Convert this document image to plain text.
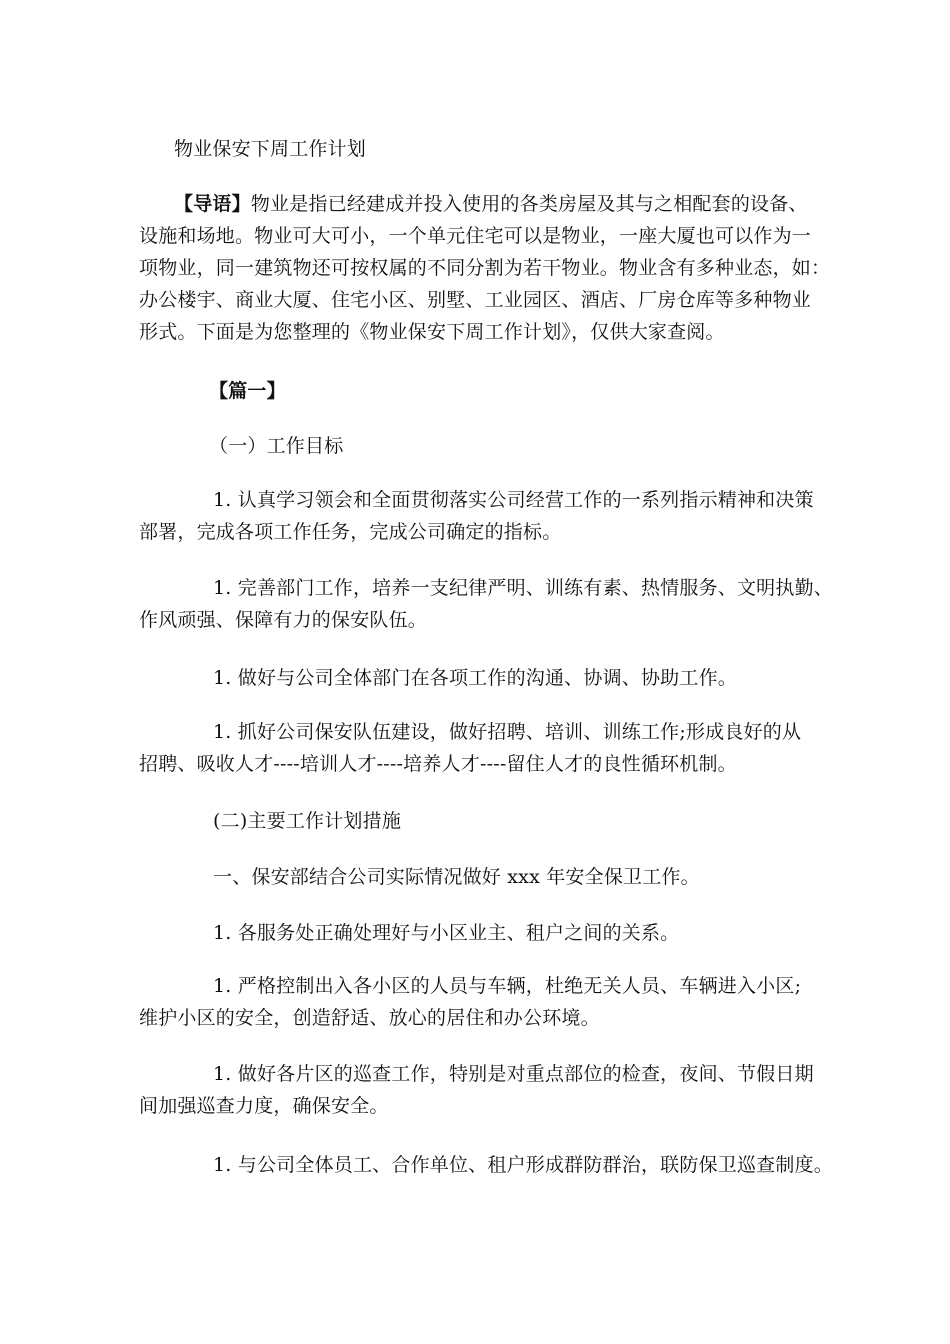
物业保安下周工作计划
【导语】物业是指已经建成并投入使用的各类房屋及其与之相配套的设备、
设施和场地。物业可大可小，一个单元住宅可以是物业，一座大厦也可以作为一
项物业，同一建筑物还可按权属的不同分割为若干物业。物业含有多种业态，如：
办公楼宇、商业大厦、住宅小区、别墅、工业园区、酒店、厂房仓库等多种物业
形式。下面是为您整理的《物业保安下周工作计划》，仅供大家查阅。
【篇一】
（一）工作目标
1. 认真学习领会和全面贯彻落实公司经营工作的一系列指示精神和决策
部署，完成各项工作任务，完成公司确定的指标。
1. 完善部门工作，培养一支纪律严明、训练有素、热情服务、文明执勤、
作风顽强、保障有力的保安队伍。
1. 做好与公司全体部门在各项工作的沟通、协调、协助工作。
1. 抓好公司保安队伍建设，做好招聘、培训、训练工作;形成良好的从
招聘、吸收人才----培训人才----培养人才----留住人才的良性循环机制。
(二)主要工作计划措施
一、保安部结合公司实际情况做好 xxx 年安全保卫工作。
1. 各服务处正确处理好与小区业主、租户之间的关系。
1. 严格控制出入各小区的人员与车辆，杜绝无关人员、车辆进入小区;
维护小区的安全，创造舒适、放心的居住和办公环境。
1. 做好各片区的巡查工作，特别是对重点部位的检查，夜间、节假日期
间加强巡查力度，确保安全。
1. 与公司全体员工、合作单位、租户形成群防群治，联防保卫巡查制度。
